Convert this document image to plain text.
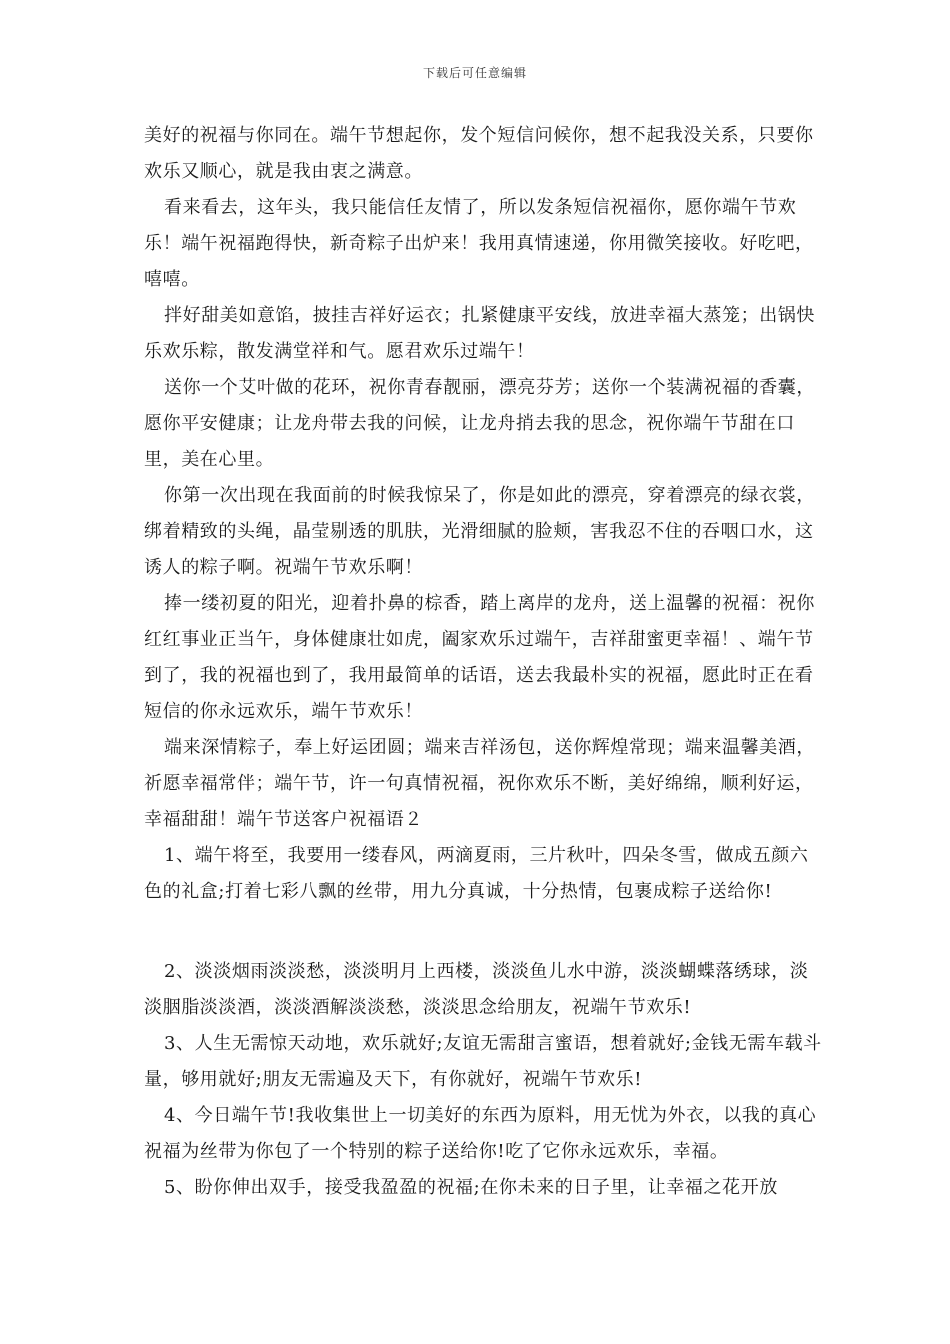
下载后可任意编辑

美好的祝福与你同在。端午节想起你，发个短信问候你，想不起我没关系，只要你欢乐又顺心，就是我由衷之满意。

看来看去，这年头，我只能信任友情了，所以发条短信祝福你，愿你端午节欢乐！端午祝福跑得快，新奇粽子出炉来！我用真情速递，你用微笑接收。好吃吧，嘻嘻。

拌好甜美如意馅，披挂吉祥好运衣；扎紧健康平安线，放进幸福大蒸笼；出锅快乐欢乐粽，散发满堂祥和气。愿君欢乐过端午！

送你一个艾叶做的花环，祝你青春靓丽，漂亮芬芳；送你一个装满祝福的香囊，愿你平安健康；让龙舟带去我的问候，让龙舟捎去我的思念，祝你端午节甜在口里，美在心里。

你第一次出现在我面前的时候我惊呆了，你是如此的漂亮，穿着漂亮的绿衣裳，绑着精致的头绳，晶莹剔透的肌肤，光滑细腻的脸颊，害我忍不住的吞咽口水，这诱人的粽子啊。祝端午节欢乐啊！

捧一缕初夏的阳光，迎着扑鼻的棕香，踏上离岸的龙舟，送上温馨的祝福：祝你红红事业正当午，身体健康壮如虎，阖家欢乐过端午，吉祥甜蜜更幸福！、端午节到了，我的祝福也到了，我用最简单的话语，送去我最朴实的祝福，愿此时正在看短信的你永远欢乐，端午节欢乐！

端来深情粽子，奉上好运团圆；端来吉祥汤包，送你辉煌常现；端来温馨美酒，祈愿幸福常伴；端午节，许一句真情祝福，祝你欢乐不断，美好绵绵，顺利好运，幸福甜甜！端午节送客户祝福语２

1、端午将至，我要用一缕春风，两滴夏雨，三片秋叶，四朵冬雪，做成五颜六色的礼盒;打着七彩八飘的丝带，用九分真诚，十分热情，包裹成粽子送给你!

2、淡淡烟雨淡淡愁，淡淡明月上西楼，淡淡鱼儿水中游，淡淡蝴蝶落绣球，淡淡胭脂淡淡酒，淡淡酒解淡淡愁，淡淡思念给朋友，祝端午节欢乐!

3、人生无需惊天动地，欢乐就好;友谊无需甜言蜜语，想着就好;金钱无需车载斗量，够用就好;朋友无需遍及天下，有你就好，祝端午节欢乐!

4、今日端午节!我收集世上一切美好的东西为原料，用无忧为外衣，以我的真心祝福为丝带为你包了一个特别的粽子送给你!吃了它你永远欢乐，幸福。

5、盼你伸出双手，接受我盈盈的祝福;在你未来的日子里，让幸福之花开放
